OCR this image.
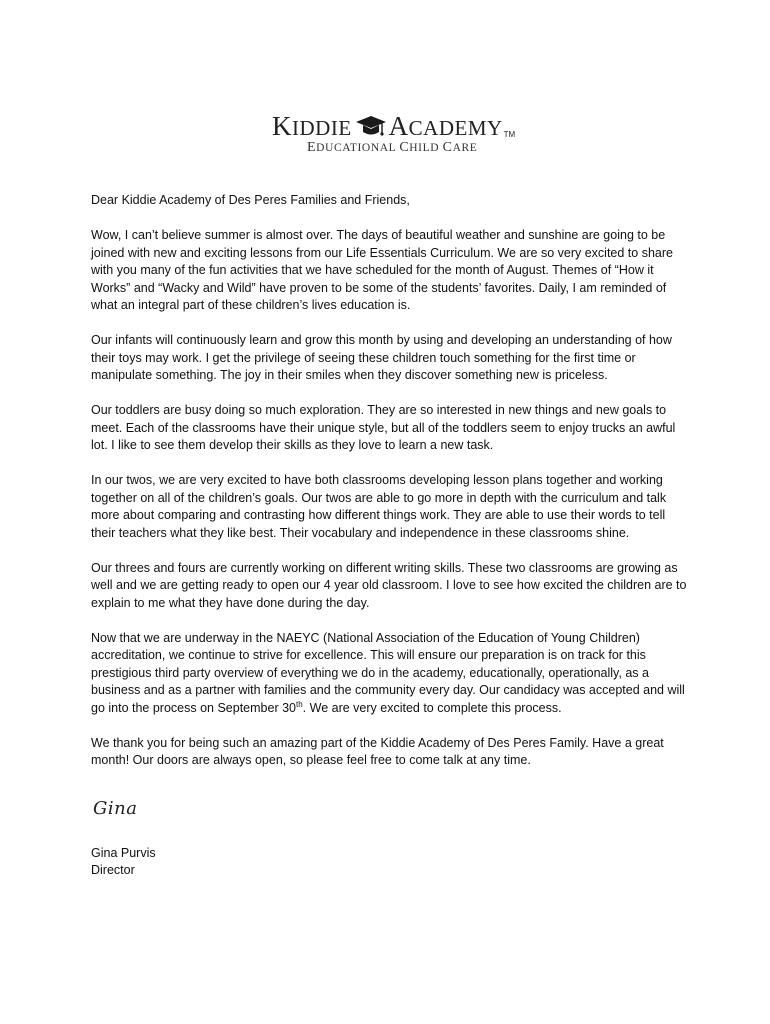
KIDDIE ACADEMY TM
EDUCATIONAL CHILD CARE

Dear Kiddie Academy of Des Peres Families and Friends,

Wow, I can’t believe summer is almost over. The days of beautiful weather and sunshine are going to be joined with new and exciting lessons from our Life Essentials Curriculum. We are so very excited to share with you many of the fun activities that we have scheduled for the month of August. Themes of “How it Works” and “Wacky and Wild” have proven to be some of the students’ favorites. Daily, I am reminded of what an integral part of these children’s lives education is.

Our infants will continuously learn and grow this month by using and developing an understanding of how their toys may work. I get the privilege of seeing these children touch something for the first time or manipulate something. The joy in their smiles when they discover something new is priceless.

Our toddlers are busy doing so much exploration. They are so interested in new things and new goals to meet. Each of the classrooms have their unique style, but all of the toddlers seem to enjoy trucks an awful lot. I like to see them develop their skills as they love to learn a new task.

In our twos, we are very excited to have both classrooms developing lesson plans together and working together on all of the children’s goals. Our twos are able to go more in depth with the curriculum and talk more about comparing and contrasting how different things work. They are able to use their words to tell their teachers what they like best. Their vocabulary and independence in these classrooms shine.

Our threes and fours are currently working on different writing skills. These two classrooms are growing as well and we are getting ready to open our 4 year old classroom. I love to see how excited the children are to explain to me what they have done during the day.

Now that we are underway in the NAEYC (National Association of the Education of Young Children) accreditation, we continue to strive for excellence. This will ensure our preparation is on track for this prestigious third party overview of everything we do in the academy, educationally, operationally, as a business and as a partner with families and the community every day. Our candidacy was accepted and will go into the process on September 30th. We are very excited to complete this process.

We thank you for being such an amazing part of the Kiddie Academy of Des Peres Family. Have a great month! Our doors are always open, so please feel free to come talk at any time.

Gina
Gina Purvis
Director
